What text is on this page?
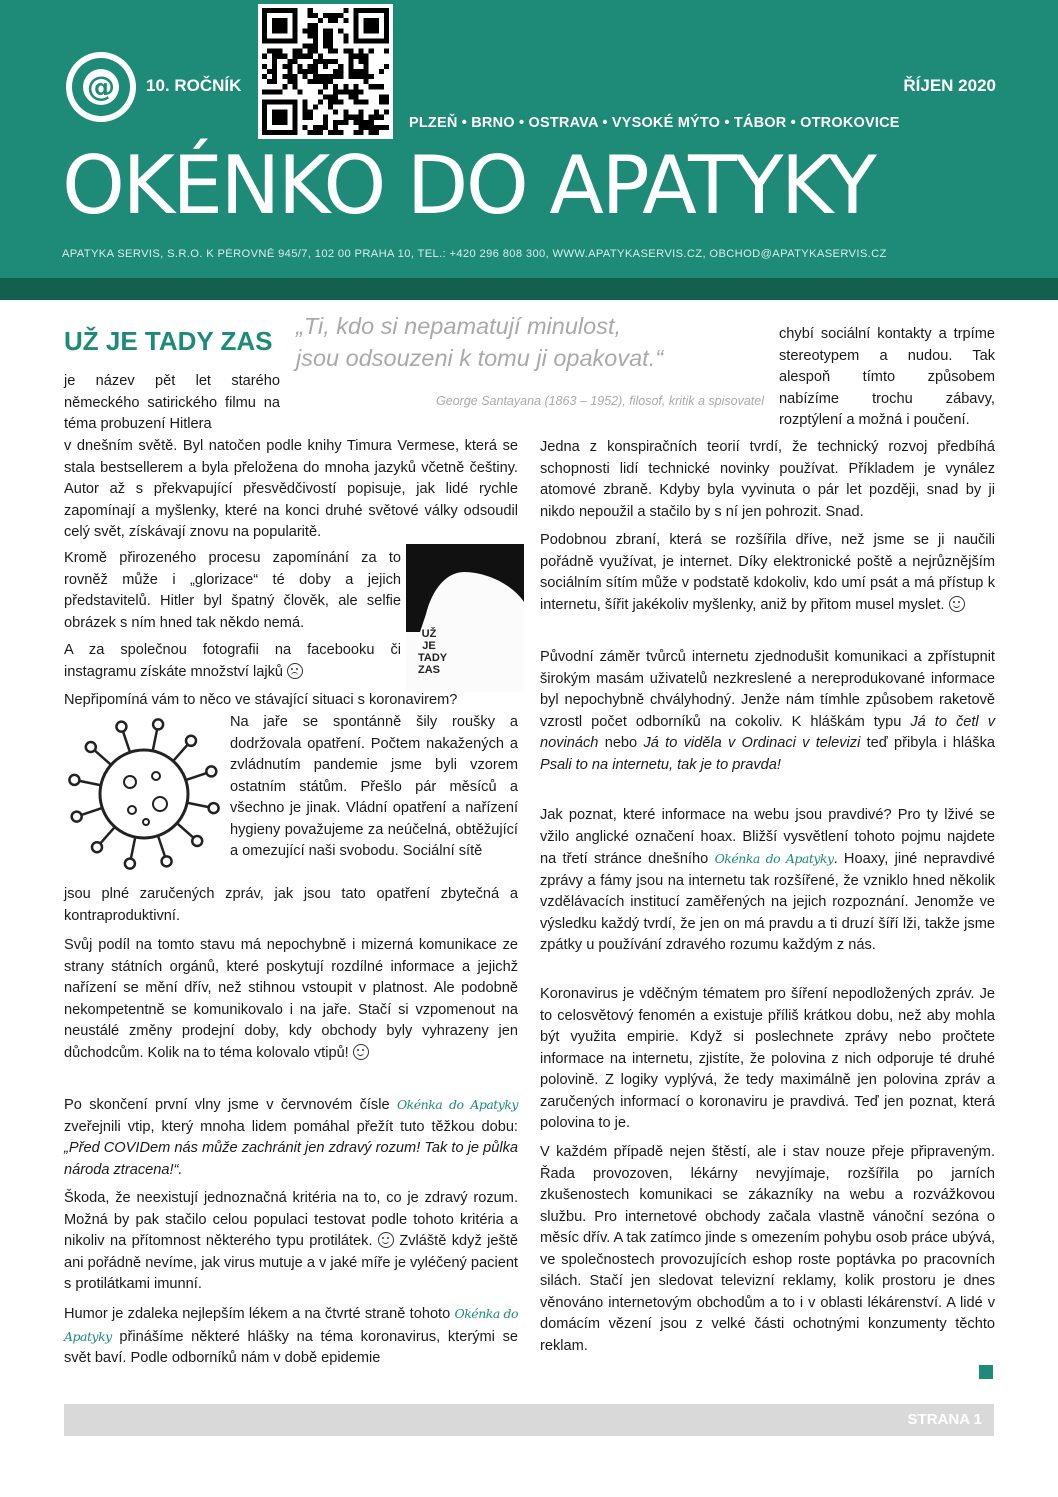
@ 10. ROČNÍK	ŘÍJEN 2020
PLZEŇ • BRNO • OSTRAVA • VYSOKÉ MÝTO • TÁBOR • OTROKOVICE
OKÉNKO DO APATYKY
APATYKA SERVIS, S.R.O. K PÉROVNĚ 945/7, 102 00 PRAHA 10, TEL.: +420 296 808 300, WWW.APATYKASERVIS.CZ, OBCHOD@APATYKASERVIS.CZ
UŽ JE TADY ZAS „Ti, kdo si nepamatují minulost,
jsou odsouzeni k tomu ji opakovat.“
George Santayana (1863 – 1952), filosof, kritik a spisovatel
je název pět let starého německého satirického filmu na téma probuzení Hitlera
v dnešním světě. Byl natočen podle knihy Timura Vermese, která se stala bestsellerem a byla přeložena do mnoha jazyků včetně češtiny. Autor až s překvapující přesvědčivostí popisuje, jak lidé rychle zapomínají a myšlenky, které na konci druhé světové války odsoudil celý svět, získávají znovu na popularitě.
Kromě přirozeného procesu zapomínání za to rovněž může i „glorizace“ té doby a jejich představitelů. Hitler byl špatný člověk, ale selfie obrázek s ním hned tak někdo nemá.
UŽ JE TADY ZAS
A za společnou fotografii na facebooku či instagramu získáte množství lajků
Nepřipomíná vám to něco ve stávající situaci s koronavirem?
Na jaře se spontánně šily roušky a dodržovala opatření. Počtem nakažených a zvládnutím pandemie jsme byli vzorem ostatním státům. Přešlo pár měsíců a všechno je jinak. Vládní opatření a nařízení hygieny považujeme za neúčelná, obtěžující a omezující naši svobodu. Sociální sítě
jsou plné zaručených zpráv, jak jsou tato opatření zbytečná a kontraproduktivní.
Svůj podíl na tomto stavu má nepochybně i mizerná komunikace ze strany státních orgánů, které poskytují rozdílné informace a jejichž nařízení se mění dřív, než stihnou vstoupit v platnost. Ale podobně nekompetentně se komunikovalo i na jaře. Stačí si vzpomenout na neustálé změny prodejní doby, kdy obchody byly vyhrazeny jen důchodcům. Kolik na to téma kolovalo vtipů!
Po skončení první vlny jsme v červnovém čísle Okénka do Apatyky zveřejnili vtip, který mnoha lidem pomáhal přežít tuto těžkou dobu: „Před COVIDem nás může zachránit jen zdravý rozum! Tak to je půlka národa ztracena!“.
Škoda, že neexistují jednoznačná kritéria na to, co je zdravý rozum. Možná by pak stačilo celou populaci testovat podle tohoto kritéria a nikoliv na přítomnost některého typu protilátek. Zvláště když ještě ani pořádně nevíme, jak virus mutuje a v jaké míře je vyléčený pacient s protilátkami imunní.
Humor je zdaleka nejlepším lékem a na čtvrté straně tohoto Okénka do Apatyky přinášíme některé hlášky na téma koronavirus, kterými se svět baví. Podle odborníků nám v době epidemie
chybí sociální kontakty a trpíme stereotypem a nudou. Tak alespoň tímto způsobem nabízíme trochu zábavy, rozptýlení a možná i poučení.
Jedna z konspiračních teorií tvrdí, že technický rozvoj předbíhá schopnosti lidí technické novinky používat. Příkladem je vynález atomové zbraně. Kdyby byla vyvinuta o pár let později, snad by ji nikdo nepoužil a stačilo by s ní jen pohrozit. Snad.
Podobnou zbraní, která se rozšířila dříve, než jsme se ji naučili pořádně využívat, je internet. Díky elektronické poště a nejrůznějším sociálním sítím může v podstatě kdokoliv, kdo umí psát a má přístup k internetu, šířit jakékoliv myšlenky, aniž by přitom musel myslet.
Původní záměr tvůrců internetu zjednodušit komunikaci a zpřístupnit širokým masám uživatelů nezkreslené a nereprodukované informace byl nepochybně chvályhodný. Jenže nám tímhle způsobem raketově vzrostl počet odborníků na cokoliv. K hláškám typu Já to četl v novinách nebo Já to viděla v Ordinaci v televizi teď přibyla i hláška Psali to na internetu, tak je to pravda!
Jak poznat, které informace na webu jsou pravdivé? Pro ty lživé se vžilo anglické označení hoax. Bližší vysvětlení tohoto pojmu najdete na třetí stránce dnešního Okénka do Apatyky. Hoaxy, jiné nepravdivé zprávy a fámy jsou na internetu tak rozšířené, že vzniklo hned několik vzdělávacích institucí zaměřených na jejich rozpoznání. Jenomže ve výsledku každý tvrdí, že jen on má pravdu a ti druzí šíří lži, takže jsme zpátky u používání zdravého rozumu každým z nás.
Koronavirus je vděčným tématem pro šíření nepodložených zpráv. Je to celosvětový fenomén a existuje příliš krátkou dobu, než aby mohla být využita empirie. Když si poslechnete zprávy nebo pročtete informace na internetu, zjistíte, že polovina z nich odporuje té druhé polovině. Z logiky vyplývá, že tedy maximálně jen polovina zpráv a zaručených informací o koronaviru je pravdivá. Teď jen poznat, která polovina to je.
V každém případě nejen štěstí, ale i stav nouze přeje připraveným. Řada provozoven, lékárny nevyjímaje, rozšířila po jarních zkušenostech komunikaci se zákazníky na webu a rozvážkovou službu. Pro internetové obchody začala vlastně vánoční sezóna o měsíc dřív. A tak zatímco jinde s omezením pohybu osob práce ubývá, ve společnostech provozujících eshop roste poptávka po pracovních silách. Stačí jen sledovat televizní reklamy, kolik prostoru je dnes věnováno internetovým obchodům a to i v oblasti lékárenství. A lidé v domácím vězení jsou z velké části ochotnými konzumenty těchto reklam.
STRANA 1
